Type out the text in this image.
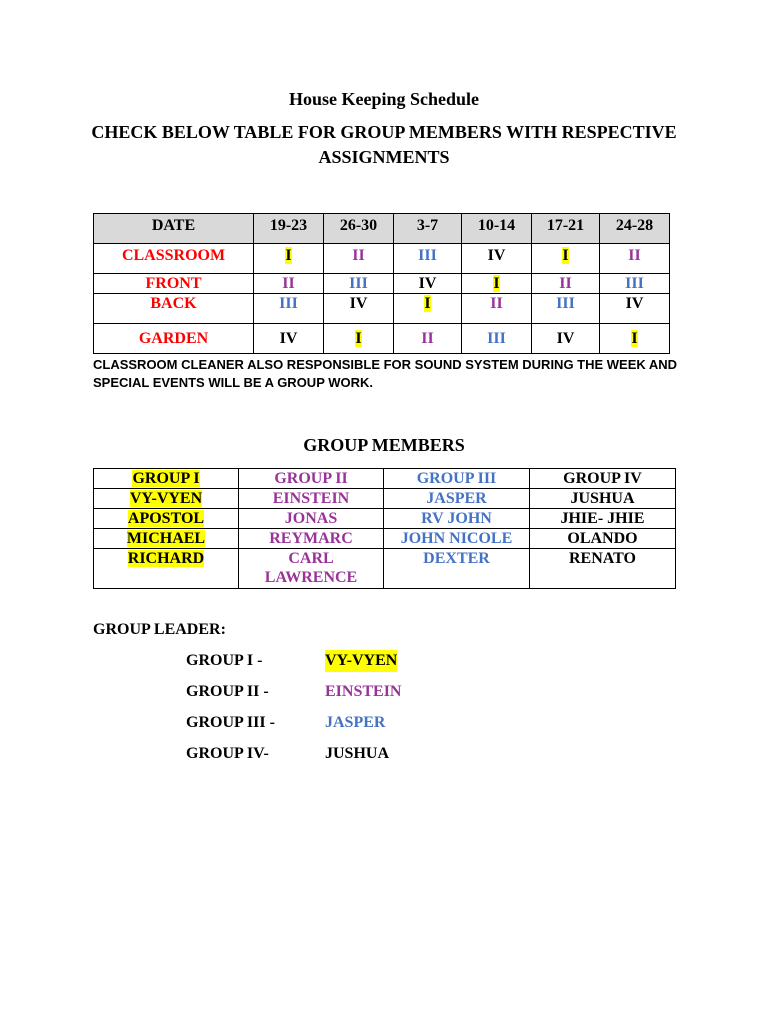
House Keeping Schedule
CHECK BELOW TABLE FOR GROUP MEMBERS WITH RESPECTIVE ASSIGNMENTS
DATE	19-23	26-30	3-7	10-14	17-21	24-28
CLASSROOM	I	II	III	IV	I	II
FRONT	II	III	IV	I	II	III
BACK	III	IV	I	II	III	IV
GARDEN	IV	I	II	III	IV	I
CLASSROOM CLEANER ALSO RESPONSIBLE FOR SOUND SYSTEM DURING THE WEEK AND SPECIAL EVENTS WILL BE A GROUP WORK.
GROUP MEMBERS
GROUP I	GROUP II	GROUP III	GROUP IV
VY-VYEN	EINSTEIN	JASPER	JUSHUA
APOSTOL	JONAS	RV JOHN	JHIE- JHIE
MICHAEL	REYMARC	JOHN NICOLE	OLANDO
RICHARD	CARL LAWRENCE	DEXTER	RENATO
GROUP LEADER:
GROUP I -	VY-VYEN
GROUP II -	EINSTEIN
GROUP III -	JASPER
GROUP IV-	JUSHUA
